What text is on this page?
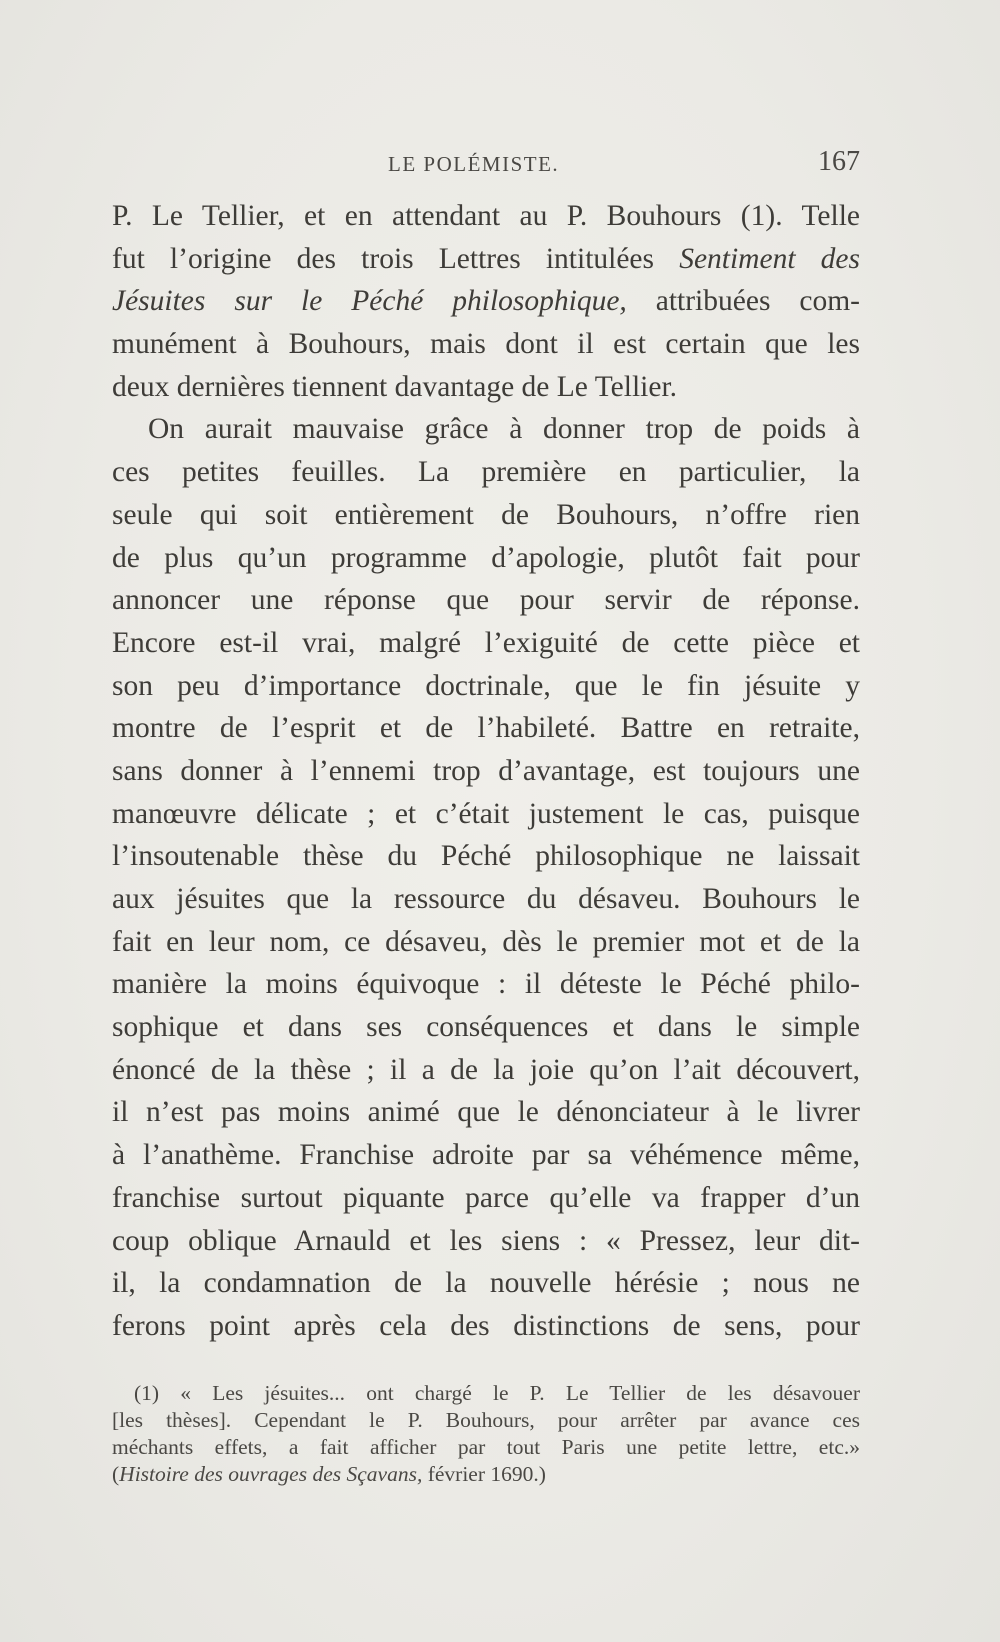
LE POLÉMISTE.	167
P. Le Tellier, et en attendant au P. Bouhours (1). Telle
fut l’origine des trois Lettres intitulées Sentiment des
Jésuites sur le Péché philosophique, attribuées com-
munément à Bouhours, mais dont il est certain que les
deux dernières tiennent davantage de Le Tellier.
On aurait mauvaise grâce à donner trop de poids à
ces petites feuilles. La première en particulier, la
seule qui soit entièrement de Bouhours, n’offre rien
de plus qu’un programme d’apologie, plutôt fait pour
annoncer une réponse que pour servir de réponse.
Encore est-il vrai, malgré l’exiguité de cette pièce et
son peu d’importance doctrinale, que le fin jésuite y
montre de l’esprit et de l’habileté. Battre en retraite,
sans donner à l’ennemi trop d’avantage, est toujours une
manœuvre délicate ; et c’était justement le cas, puisque
l’insoutenable thèse du Péché philosophique ne laissait
aux jésuites que la ressource du désaveu. Bouhours le
fait en leur nom, ce désaveu, dès le premier mot et de la
manière la moins équivoque : il déteste le Péché philo-
sophique et dans ses conséquences et dans le simple
énoncé de la thèse ; il a de la joie qu’on l’ait découvert,
il n’est pas moins animé que le dénonciateur à le livrer
à l’anathème. Franchise adroite par sa véhémence même,
franchise surtout piquante parce qu’elle va frapper d’un
coup oblique Arnauld et les siens : « Pressez, leur dit-
il, la condamnation de la nouvelle hérésie ; nous ne
ferons point après cela des distinctions de sens, pour
(1) « Les jésuites... ont chargé le P. Le Tellier de les désavouer
[les thèses]. Cependant le P. Bouhours, pour arrêter par avance ces
méchants effets, a fait afficher par tout Paris une petite lettre, etc.»
(Histoire des ouvrages des Sçavans, février 1690.)
